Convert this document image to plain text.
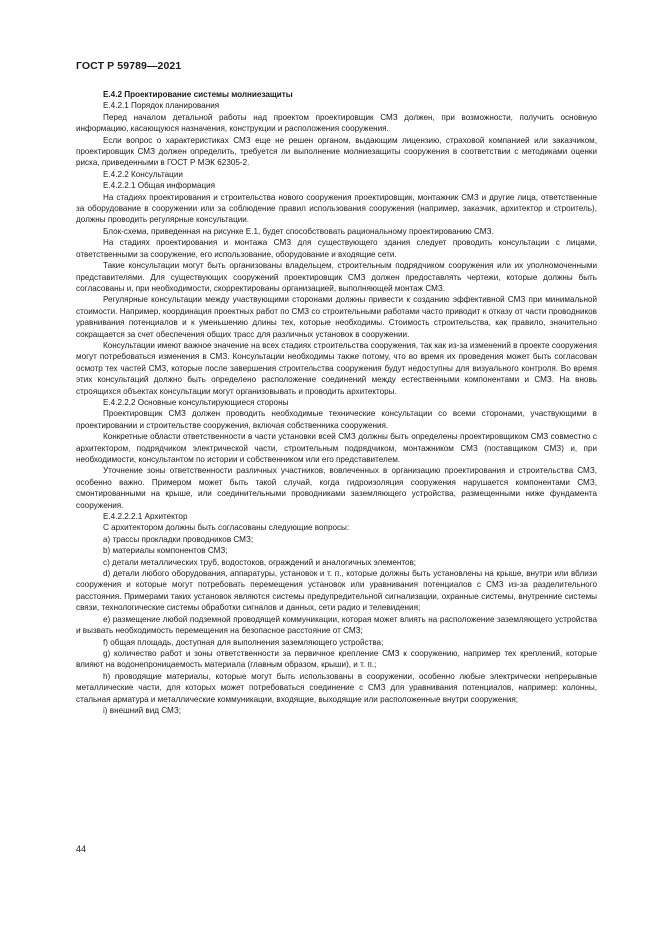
ГОСТ Р 59789—2021

Е.4.2 Проектирование системы молниезащиты

Е.4.2.1 Порядок планирования

Перед началом детальной работы над проектом проектировщик СМЗ должен, при возможности, получить основную информацию, касающуюся назначения, конструкции и расположения сооружения.

Если вопрос о характеристиках СМЗ еще не решен органом, выдающим лицензию, страховой компанией или заказчиком, проектировщик СМЗ должен определить, требуется ли выполнение молниезащиты сооружения в соответствии с методиками оценки риска, приведенными в ГОСТ Р МЭК 62305-2.

Е.4.2.2 Консультации

Е.4.2.2.1 Общая информация

На стадиях проектирования и строительства нового сооружения проектировщик, монтажник СМЗ и другие лица, ответственные за оборудование в сооружении или за соблюдение правил использования сооружения (например, заказчик, архитектор и строитель), должны проводить регулярные консультации.

Блок-схема, приведенная на рисунке Е.1, будет способствовать рациональному проектированию СМЗ.

На стадиях проектирования и монтажа СМЗ для существующего здания следует проводить консультации с лицами, ответственными за сооружение, его использование, оборудование и входящие сети.

Такие консультации могут быть организованы владельцем, строительным подрядчиком сооружения или их уполномоченными представителями. Для существующих сооружений проектировщик СМЗ должен предоставлять чертежи, которые должны быть согласованы и, при необходимости, скорректированы организацией, выполняющей монтаж СМЗ.

Регулярные консультации между участвующими сторонами должны привести к созданию эффективной СМЗ при минимальной стоимости. Например, координация проектных работ по СМЗ со строительными работами часто приводит к отказу от части проводников уравнивания потенциалов и к уменьшению длины тех, которые необходимы. Стоимость строительства, как правило, значительно сокращается за счет обеспечения общих трасс для различных установок в сооружении.

Консультации имеют важное значение на всех стадиях строительства сооружения, так как из-за изменений в проекте сооружения могут потребоваться изменения в СМЗ. Консультации необходимы также потому, что во время их проведения может быть согласован осмотр тех частей СМЗ, которые после завершения строительства сооружения будут недоступны для визуального контроля. Во время этих консультаций должно быть определено расположение соединений между естественными компонентами и СМЗ. На вновь строящихся объектах консультации могут организовывать и проводить архитекторы.

Е.4.2.2.2 Основные консультирующиеся стороны

Проектировщик СМЗ должен проводить необходимые технические консультации со всеми сторонами, участвующими в проектировании и строительстве сооружения, включая собственника сооружения.

Конкретные области ответственности в части установки всей СМЗ должны быть определены проектировщиком СМЗ совместно с архитектором, подрядчиком электрической части, строительным подрядчиком, монтажником СМЗ (поставщиком СМЗ) и, при необходимости, консультантом по истории и собственником или его представителем.

Уточнение зоны ответственности различных участников, вовлеченных в организацию проектирования и строительства СМЗ, особенно важно. Примером может быть такой случай, когда гидроизоляция сооружения нарушается компонентами СМЗ, смонтированными на крыше, или соединительными проводниками заземляющего устройства, размещенными ниже фундамента сооружения.

Е.4.2.2.2.1 Архитектор

С архитектором должны быть согласованы следующие вопросы:

a) трассы прокладки проводников СМЗ;

b) материалы компонентов СМЗ;

c) детали металлических труб, водостоков, ограждений и аналогичных элементов;

d) детали любого оборудования, аппаратуры, установок и т. п., которые должны быть установлены на крыше, внутри или вблизи сооружения и которые могут потребовать перемещения установок или уравнивания потенциалов с СМЗ из-за разделительного расстояния. Примерами таких установок являются системы предупредительной сигнализации, охранные системы, внутренние системы связи, технологические системы обработки сигналов и данных, сети радио и телевидения;

e) размещение любой подземной проводящей коммуникации, которая может влиять на расположение заземляющего устройства и вызвать необходимость перемещения на безопасное расстояние от СМЗ;

f) общая площадь, доступная для выполнения заземляющего устройства;

g) количество работ и зоны ответственности за первичное крепление СМЗ к сооружению, например тех креплений, которые влияют на водонепроницаемость материала (главным образом, крыши), и т. п.;

h) проводящие материалы, которые могут быть использованы в сооружении, особенно любые электрически непрерывные металлические части, для которых может потребоваться соединение с СМЗ для уравнивания потенциалов, например: колонны, стальная арматура и металлические коммуникации, входящие, выходящие или расположенные внутри сооружения;

i) внешний вид СМЗ;

44
